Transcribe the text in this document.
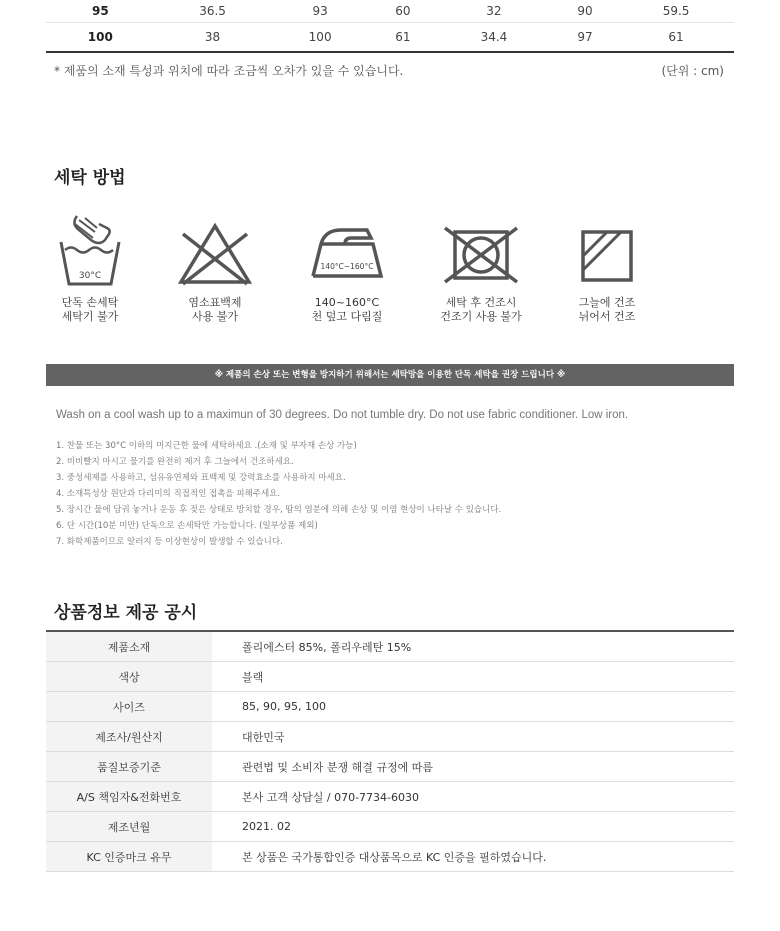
95	36.5	93	60	32	90	59.5
100	38	100	61	34.4	97	61
* 제품의 소재 특성과 위치에 따라 조금씩 오차가 있을 수 있습니다.	(단위 : cm)
세탁 방법
30°C
단독 손세탁
세탁기 불가
염소표백제
사용 불가
140°C~160°C
140~160°C
천 덮고 다림질
세탁 후 건조시
건조기 사용 불가
그늘에 건조
뉘어서 건조
※ 제품의 손상 또는 변형을 방지하기 위해서는 세탁망을 이용한 단독 세탁을 권장 드립니다 ※
Wash on a cool wash up to a maximun of 30 degrees. Do not tumble dry. Do not use fabric conditioner. Low iron.
1. 찬물 또는 30°C 이하의 미지근한 물에 세탁하세요 .(소재 및 부자재 손상 가능)
2. 비비빨지 마시고 물기를 완전히 제거 후 그늘에서 건조하세요.
3. 중성세제를 사용하고, 섬유유연제와 표백제 및 강력효소를 사용하지 마세요.
4. 소재특성상 원단과 다리미의 직접적인 접촉을 피해주세요.
5. 장시간 물에 담궈 놓거나 운동 후 젖은 상태로 방치할 경우, 땀의 염분에 의해 손상 및 이염 현상이 나타날 수 있습니다.
6. 단 시간(10분 미만) 단독으로 손세탁만 가능합니다. (일부상품 제외)
7. 화학제품이므로 알러지 등 이상현상이 발생할 수 있습니다.
상품정보 제공 공시
제품소재	폴리에스터 85%, 폴리우레탄 15%
색상	블랙
사이즈	85, 90, 95, 100
제조사/원산지	대한민국
품질보증기준	관련법 및 소비자 분쟁 해결 규정에 따름
A/S 책임자&전화번호	본사 고객 상담실 / 070-7734-6030
제조년월	2021. 02
KC 인증마크 유무	본 상품은 국가통합인증 대상품목으로 KC 인증을 필하였습니다.
